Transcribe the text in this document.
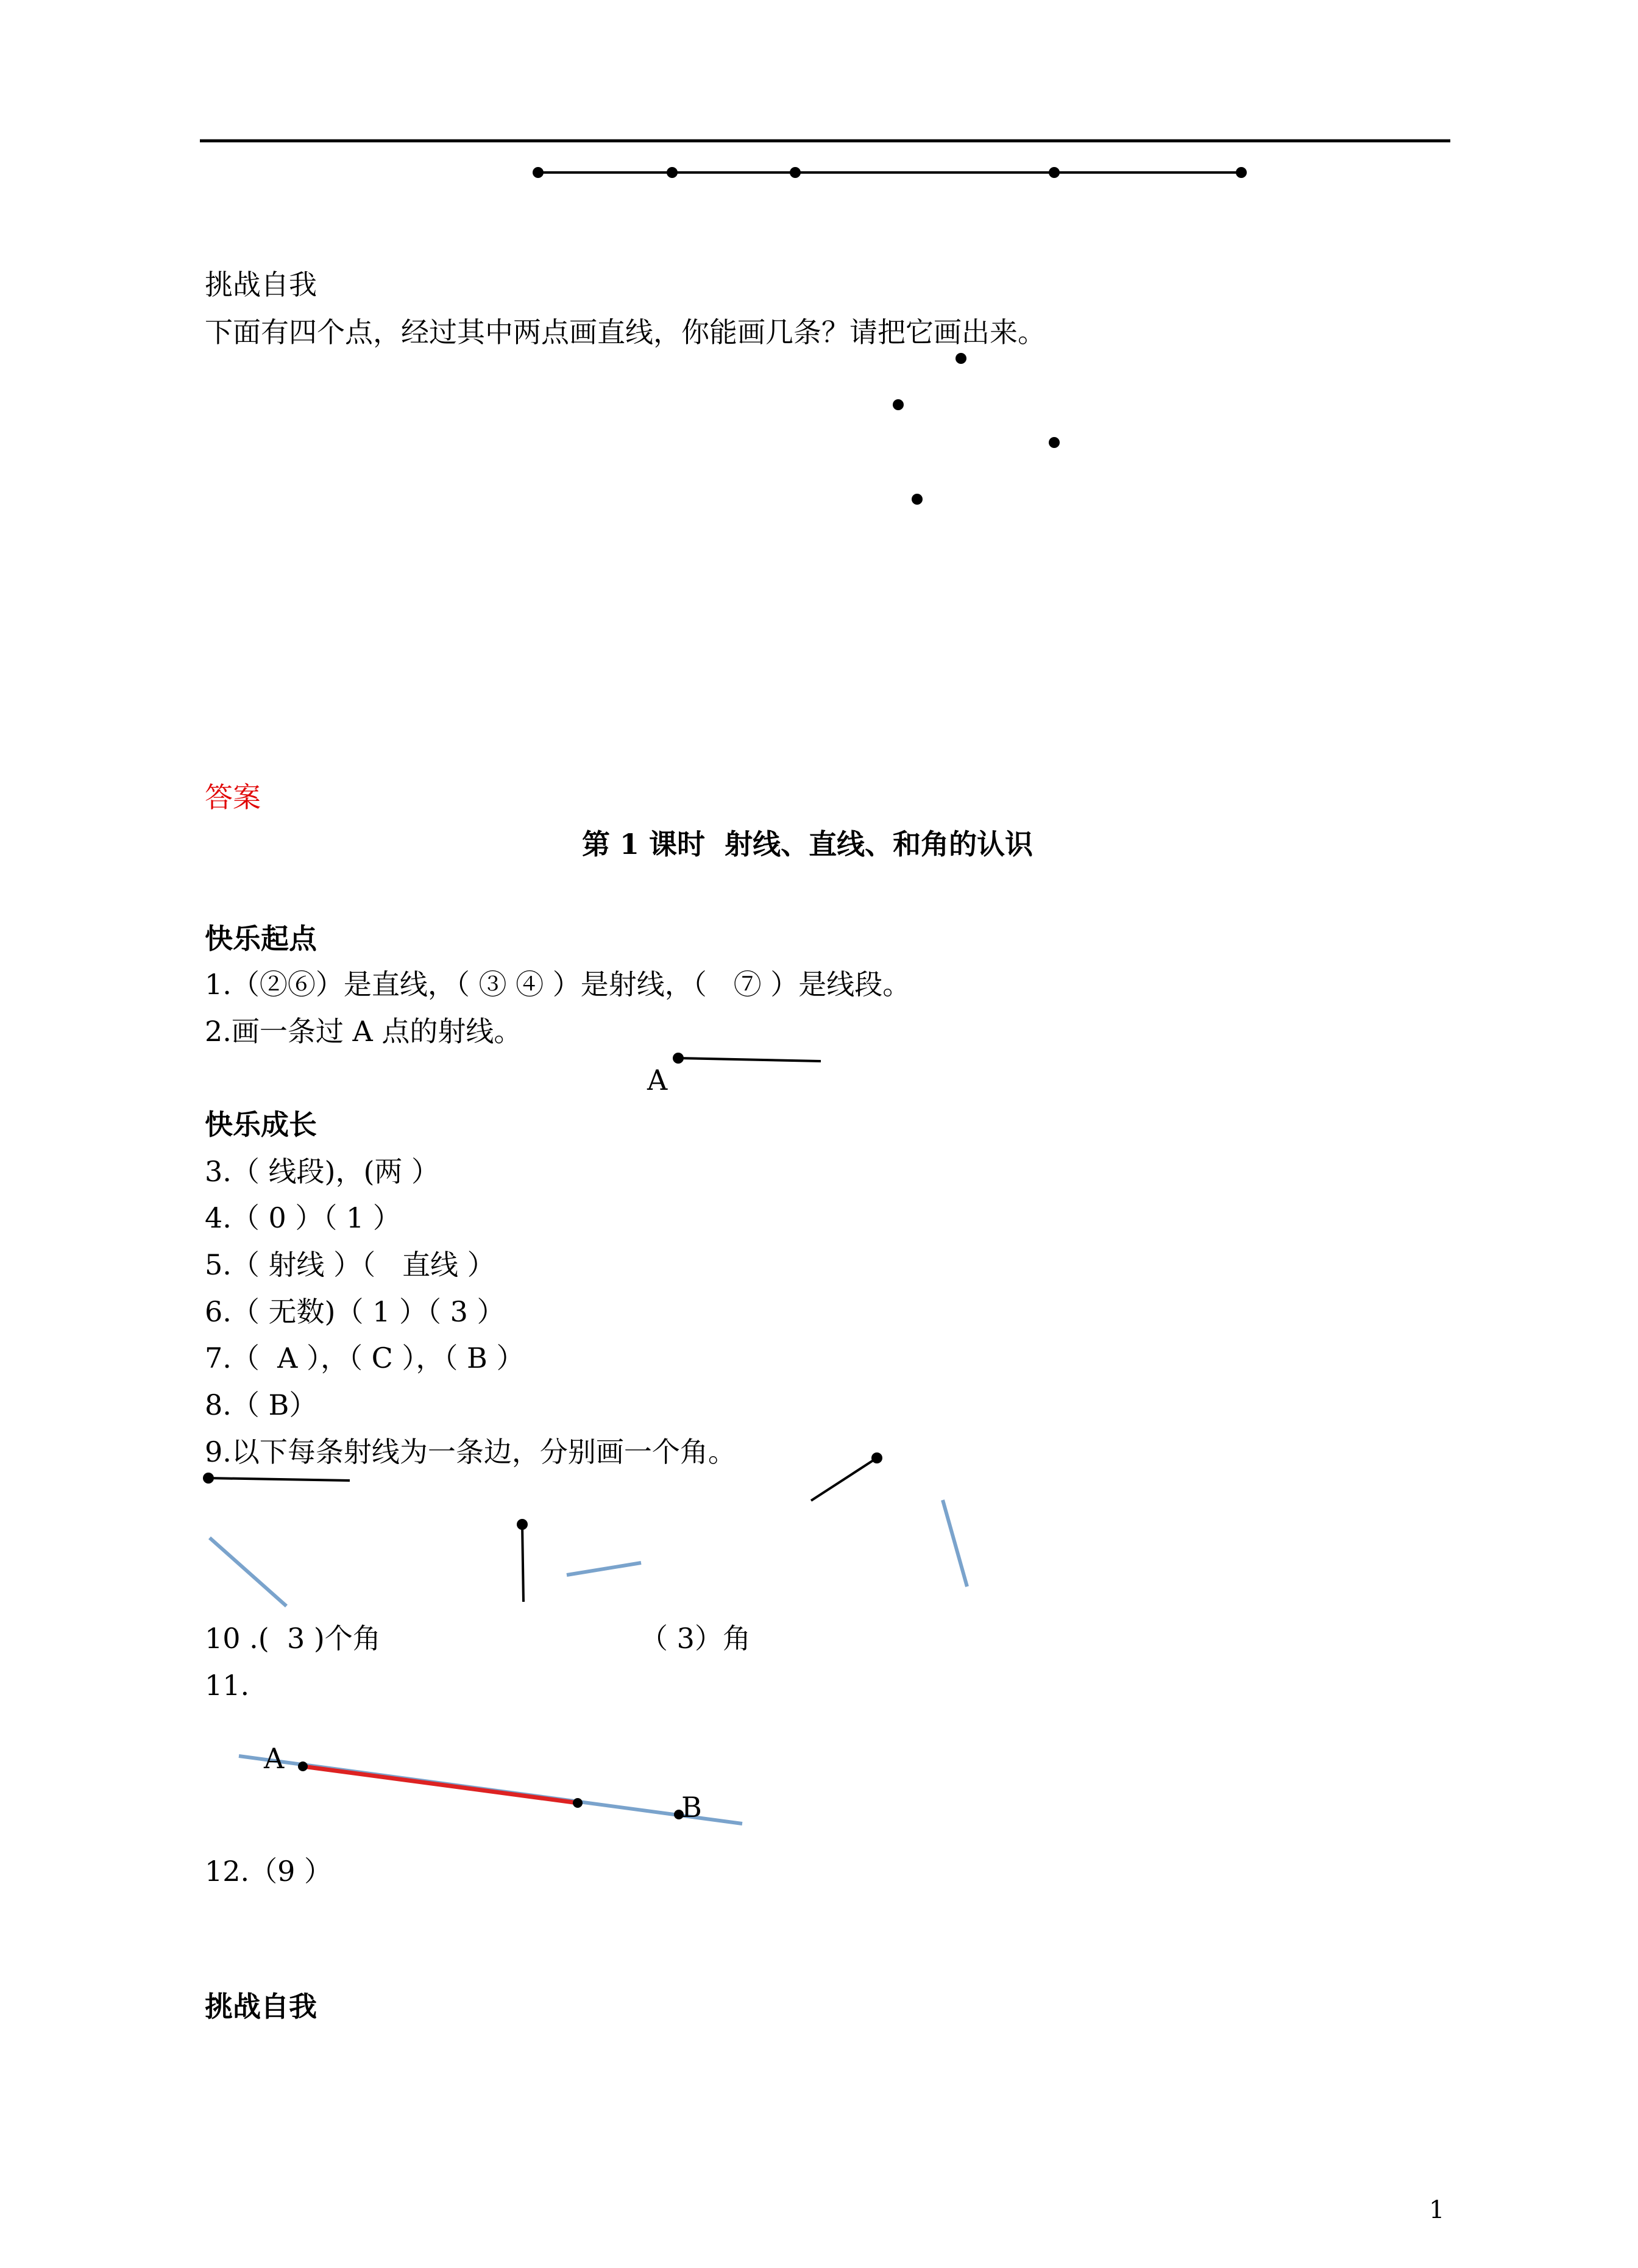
挑战自我

下面有四个点，经过其中两点画直线，你能画几条？请把它画出来。

答案

第 1 课时  射线、直线、和角的认识

快乐起点

1.（②⑥）是直线，（ ③ ④ ）是射线，（   ⑦ ）是线段。

2.画一条过 A 点的射线。

A

快乐成长

3.（ 线段)，(两 ）

4.（ 0 ）（ 1 ）

5.（ 射线 ）（   直线 ）

6.（ 无数)（ 1 ）（ 3 ）

7.（  A ），（ C ），（ B ）

8.（ B）

9.以下每条射线为一条边，分别画一个角。

10 .(  3 )个角	（ 3）角

11.

A

B

12.（9 ）

挑战自我

1
